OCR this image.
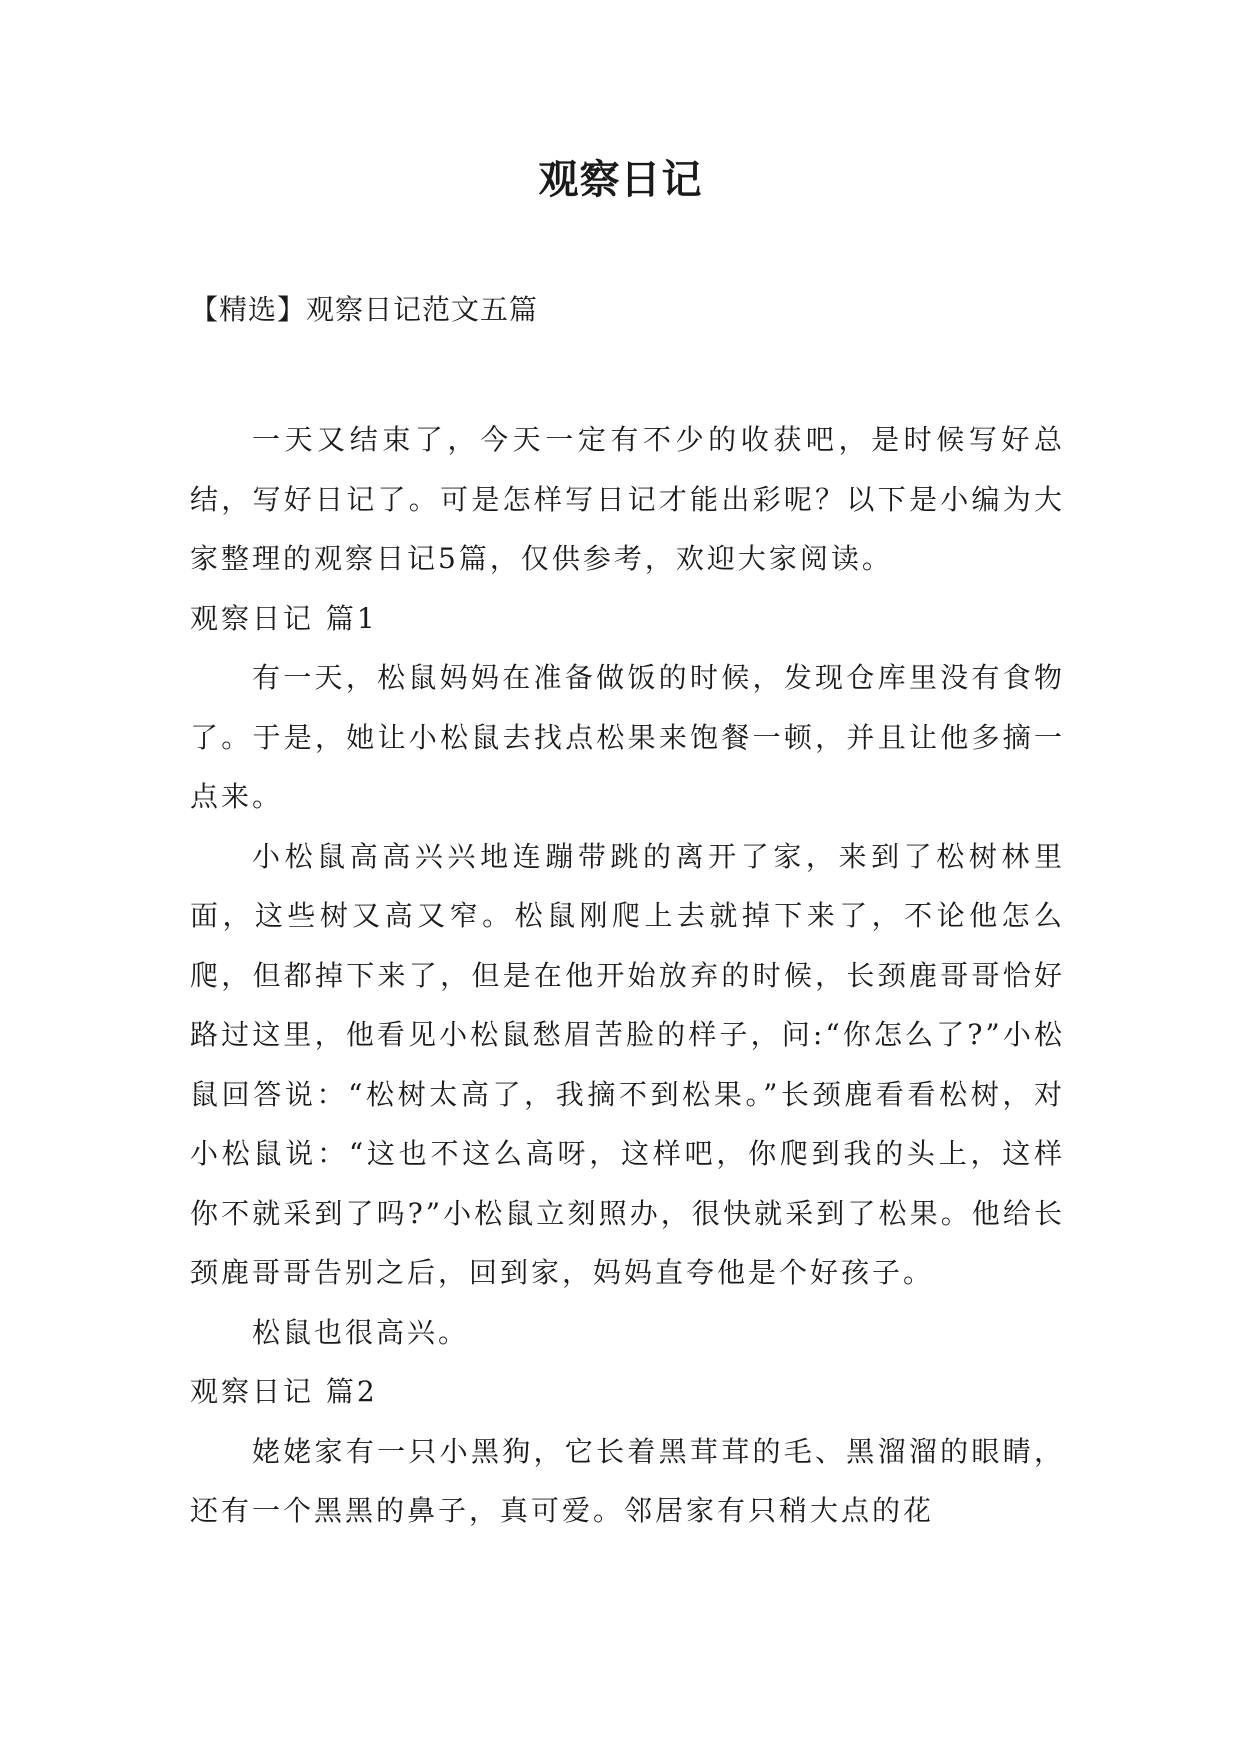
观察日记

【精选】观察日记范文五篇

一天又结束了，今天一定有不少的收获吧，是时候写好总结，写好日记了。可是怎样写日记才能出彩呢？以下是小编为大家整理的观察日记5篇，仅供参考，欢迎大家阅读。

观察日记 篇1

有一天，松鼠妈妈在准备做饭的时候，发现仓库里没有食物了。于是，她让小松鼠去找点松果来饱餐一顿，并且让他多摘一点来。

小松鼠高高兴兴地连蹦带跳的离开了家，来到了松树林里面，这些树又高又窄。松鼠刚爬上去就掉下来了，不论他怎么爬，但都掉下来了，但是在他开始放弃的时候，长颈鹿哥哥恰好路过这里，他看见小松鼠愁眉苦脸的样子，问:“你怎么了?”小松鼠回答说：“松树太高了，我摘不到松果。”长颈鹿看看松树，对小松鼠说：“这也不这么高呀，这样吧，你爬到我的头上，这样你不就采到了吗?”小松鼠立刻照办，很快就采到了松果。他给长颈鹿哥哥告别之后，回到家，妈妈直夸他是个好孩子。

松鼠也很高兴。

观察日记 篇2

姥姥家有一只小黑狗，它长着黑茸茸的毛、黑溜溜的眼睛，还有一个黑黑的鼻子，真可爱。邻居家有只稍大点的花
